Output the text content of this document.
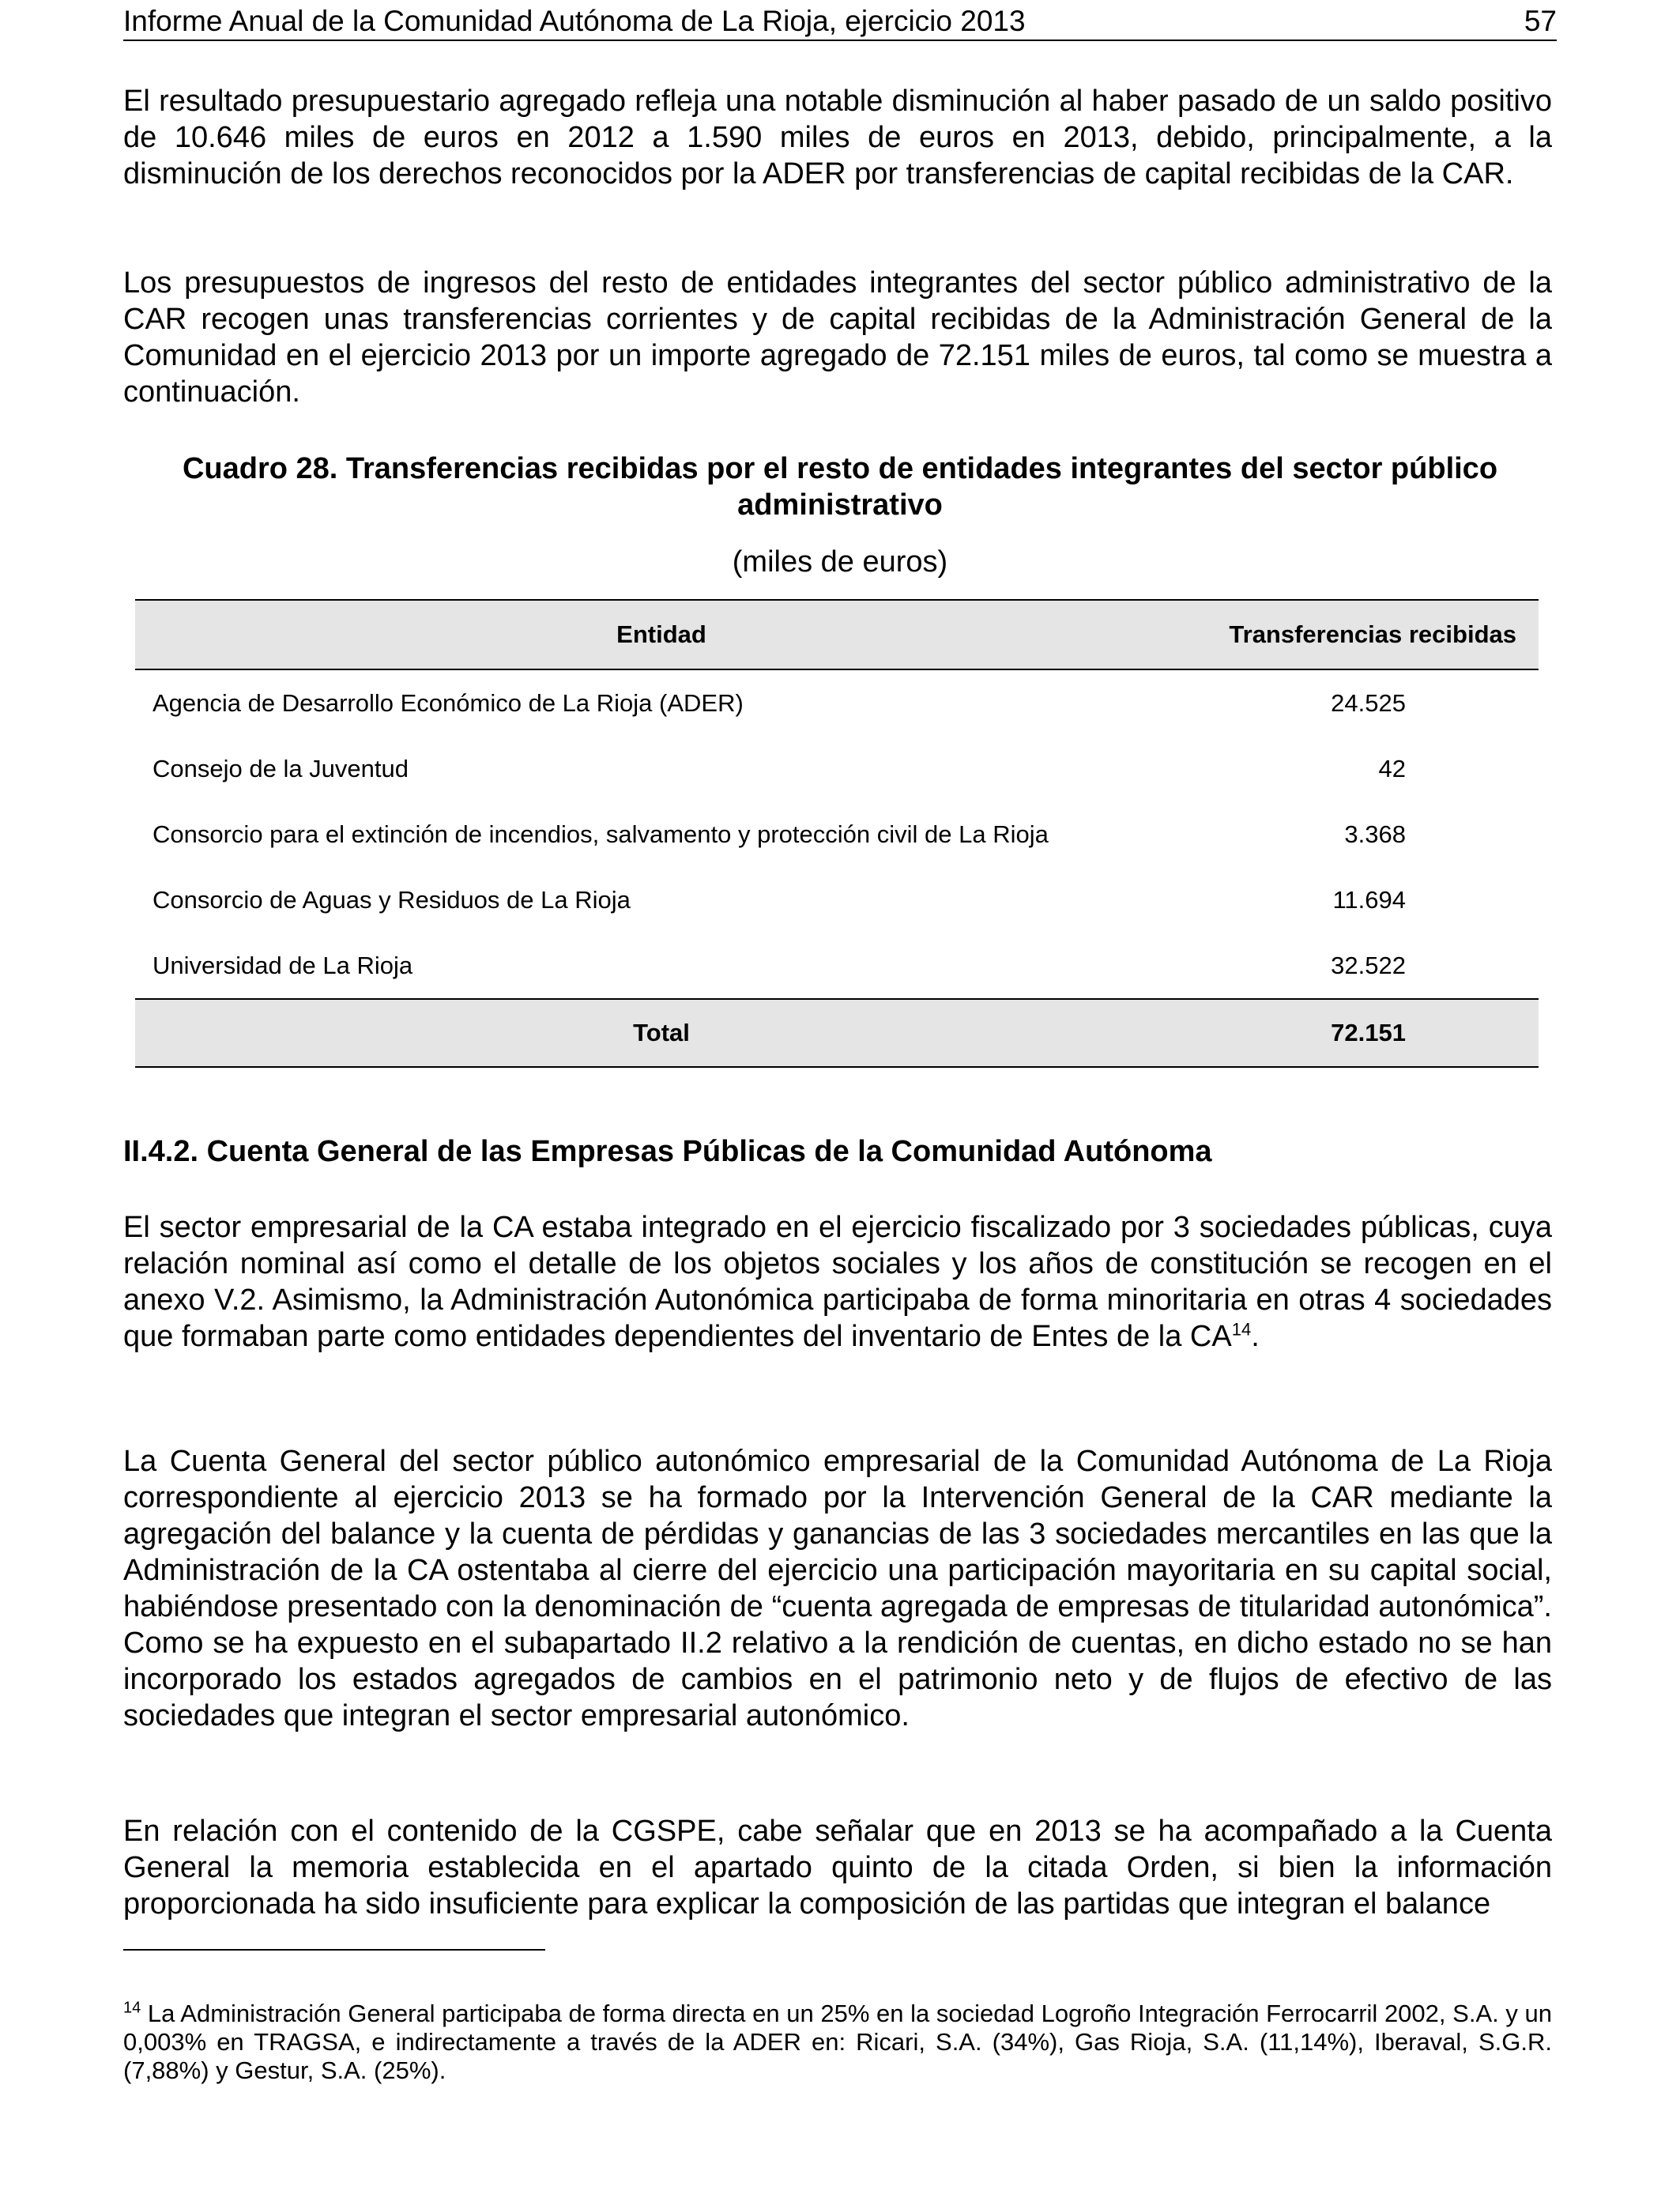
Informe Anual de la Comunidad Autónoma de La Rioja, ejercicio 2013	57

El resultado presupuestario agregado refleja una notable disminución al haber pasado de un saldo positivo de 10.646 miles de euros en 2012 a 1.590 miles de euros en 2013, debido, principalmente, a la disminución de los derechos reconocidos por la ADER por transferencias de capital recibidas de la CAR.

Los presupuestos de ingresos del resto de entidades integrantes del sector público administrativo de la CAR recogen unas transferencias corrientes y de capital recibidas de la Administración General de la Comunidad en el ejercicio 2013 por un importe agregado de 72.151 miles de euros, tal como se muestra a continuación.

Cuadro 28. Transferencias recibidas por el resto de entidades integrantes del sector público administrativo

(miles de euros)

Entidad	Transferencias recibidas
Agencia de Desarrollo Económico de La Rioja (ADER)	24.525
Consejo de la Juventud	42
Consorcio para el extinción de incendios, salvamento y protección civil de La Rioja	3.368
Consorcio de Aguas y Residuos de La Rioja	11.694
Universidad de La Rioja	32.522
Total	72.151
II.4.2. Cuenta General de las Empresas Públicas de la Comunidad Autónoma

El sector empresarial de la CA estaba integrado en el ejercicio fiscalizado por 3 sociedades públicas, cuya relación nominal así como el detalle de los objetos sociales y los años de constitución se recogen en el anexo V.2. Asimismo, la Administración Autonómica participaba de forma minoritaria en otras 4 sociedades que formaban parte como entidades dependientes del inventario de Entes de la CA$^{14}$.

La Cuenta General del sector público autonómico empresarial de la Comunidad Autónoma de La Rioja correspondiente al ejercicio 2013 se ha formado por la Intervención General de la CAR mediante la agregación del balance y la cuenta de pérdidas y ganancias de las 3 sociedades mercantiles en las que la Administración de la CA ostentaba al cierre del ejercicio una participación mayoritaria en su capital social, habiéndose presentado con la denominación de “cuenta agregada de empresas de titularidad autonómica”. Como se ha expuesto en el subapartado II.2 relativo a la rendición de cuentas, en dicho estado no se han incorporado los estados agregados de cambios en el patrimonio neto y de flujos de efectivo de las sociedades que integran el sector empresarial autonómico.

En relación con el contenido de la CGSPE, cabe señalar que en 2013 se ha acompañado a la Cuenta General la memoria establecida en el apartado quinto de la citada Orden, si bien la información proporcionada ha sido insuficiente para explicar la composición de las partidas que integran el balance

$^{14}$ La Administración General participaba de forma directa en un 25% en la sociedad Logroño Integración Ferrocarril 2002, S.A. y un 0,003% en TRAGSA, e indirectamente a través de la ADER en: Ricari, S.A. (34%), Gas Rioja, S.A. (11,14%), Iberaval, S.G.R. (7,88%) y Gestur, S.A. (25%).
